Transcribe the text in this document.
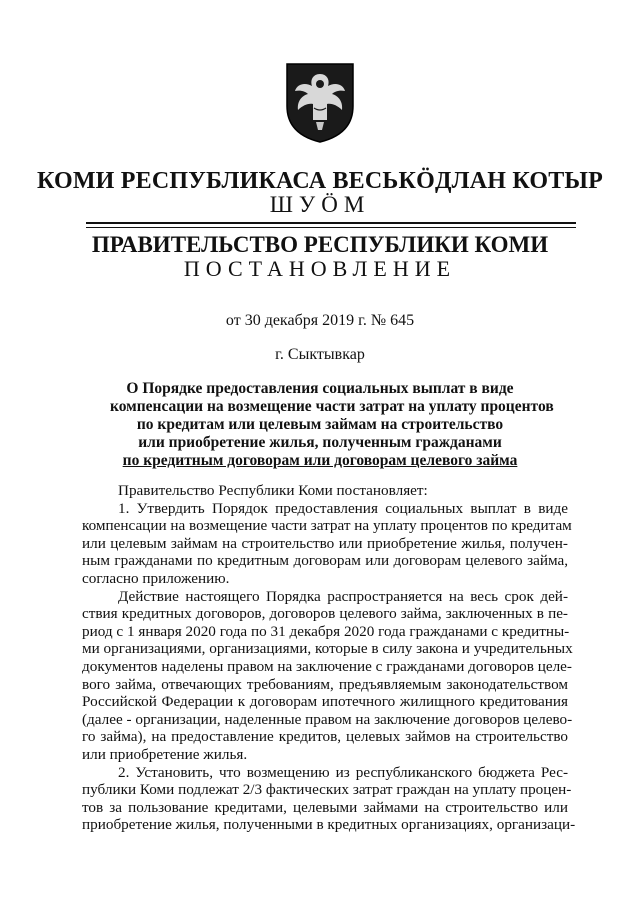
КОМИ РЕСПУБЛИКАСА ВЕСЬКÖДЛАН КОТЫР
ШУÖМ
ПРАВИТЕЛЬСТВО РЕСПУБЛИКИ КОМИ
ПОСТАНОВЛЕНИЕ
от 30 декабря 2019 г. № 645
г. Сыктывкар
О Порядке предоставления социальных выплат в виде
компенсации на возмещение части затрат на уплату процентов
по кредитам или целевым займам на строительство
или приобретение жилья, полученным гражданами
по кредитным договорам или договорам целевого займа
Правительство Республики Коми постановляет:
1. Утвердить Порядок предоставления социальных выплат в виде
компенсации на возмещение части затрат на уплату процентов по кредитам
или целевым займам на строительство или приобретение жилья, получен-
ным гражданами по кредитным договорам или договорам целевого займа,
согласно приложению.
Действие настоящего Порядка распространяется на весь срок дей-
ствия кредитных договоров, договоров целевого займа, заключенных в пе-
риод с 1 января 2020 года по 31 декабря 2020 года гражданами с кредитны-
ми организациями, организациями, которые в силу закона и учредительных
документов наделены правом на заключение с гражданами договоров целе-
вого займа, отвечающих требованиям, предъявляемым законодательством
Российской Федерации к договорам ипотечного жилищного кредитования
(далее - организации, наделенные правом на заключение договоров целево-
го займа), на предоставление кредитов, целевых займов на строительство
или приобретение жилья.
2. Установить, что возмещению из республиканского бюджета Рес-
публики Коми подлежат 2/3 фактических затрат граждан на уплату процен-
тов за пользование кредитами, целевыми займами на строительство или
приобретение жилья, полученными в кредитных организациях, организаци-
